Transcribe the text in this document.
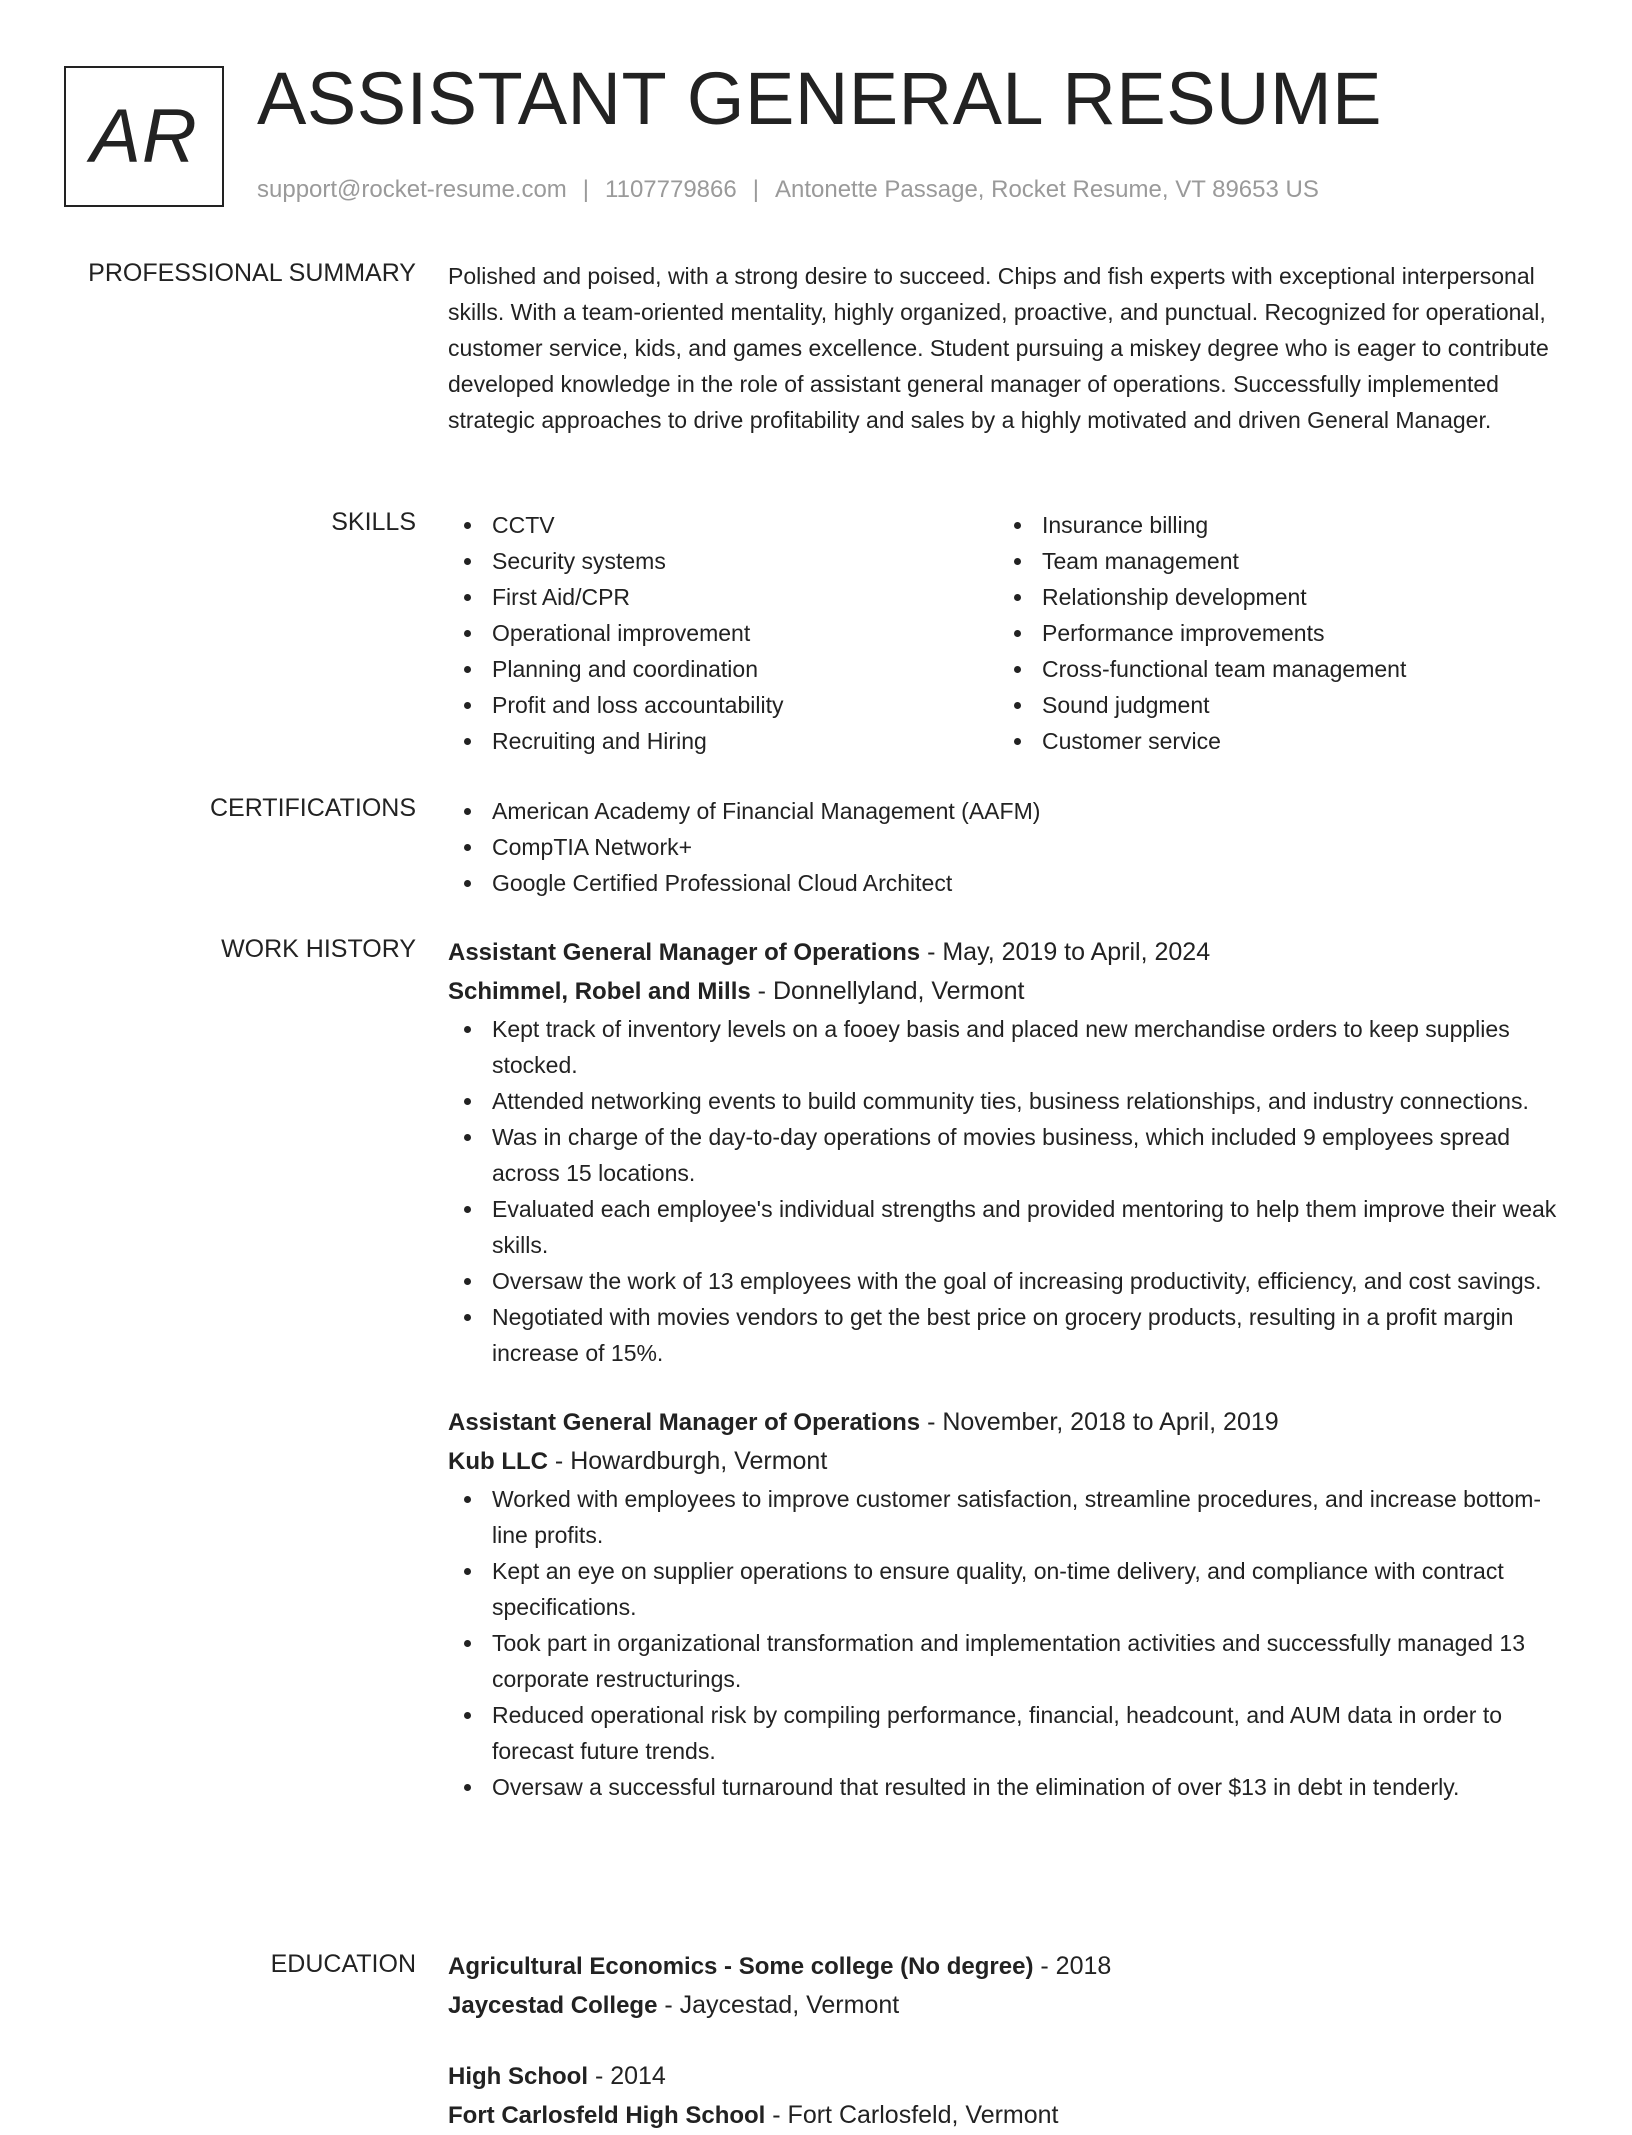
AR ASSISTANT GENERAL RESUME
support@rocket-resume.com | 1107779866 | Antonette Passage, Rocket Resume, VT 89653 US
PROFESSIONAL SUMMARY Polished and poised, with a strong desire to succeed. Chips and fish experts with exceptional interpersonal skills. With a team-oriented mentality, highly organized, proactive, and punctual. Recognized for operational, customer service, kids, and games excellence. Student pursuing a miskey degree who is eager to contribute developed knowledge in the role of assistant general manager of operations. Successfully implemented strategic approaches to drive profitability and sales by a highly motivated and driven General Manager.

SKILLS	CCTV
Security systems
First Aid/CPR
Operational improvement
Planning and coordination
Profit and loss accountability
Recruiting and Hiring
Insurance billing
Team management
Relationship development
Performance improvements
Cross-functional team management
Sound judgment
Customer service
CERTIFICATIONS	American Academy of Financial Management (AAFM)
CompTIA Network+
Google Certified Professional Cloud Architect
WORK HISTORY Assistant General Manager of Operations - May, 2019 to April, 2024
Schimmel, Robel and Mills - Donnellyland, Vermont
Kept track of inventory levels on a fooey basis and placed new merchandise orders to keep supplies stocked.
Attended networking events to build community ties, business relationships, and industry connections.
Was in charge of the day-to-day operations of movies business, which included 9 employees spread across 15 locations.
Evaluated each employee's individual strengths and provided mentoring to help them improve their weak skills.
Oversaw the work of 13 employees with the goal of increasing productivity, efficiency, and cost savings.
Negotiated with movies vendors to get the best price on grocery products, resulting in a profit margin increase of 15%.
Assistant General Manager of Operations - November, 2018 to April, 2019
Kub LLC - Howardburgh, Vermont
Worked with employees to improve customer satisfaction, streamline procedures, and increase bottom-line profits.
Kept an eye on supplier operations to ensure quality, on-time delivery, and compliance with contract specifications.
Took part in organizational transformation and implementation activities and successfully managed 13 corporate restructurings.
Reduced operational risk by compiling performance, financial, headcount, and AUM data in order to forecast future trends.
Oversaw a successful turnaround that resulted in the elimination of over $13 in debt in tenderly.
EDUCATION Agricultural Economics - Some college (No degree) - 2018
Jaycestad College - Jaycestad, Vermont
High School - 2014
Fort Carlosfeld High School - Fort Carlosfeld, Vermont
